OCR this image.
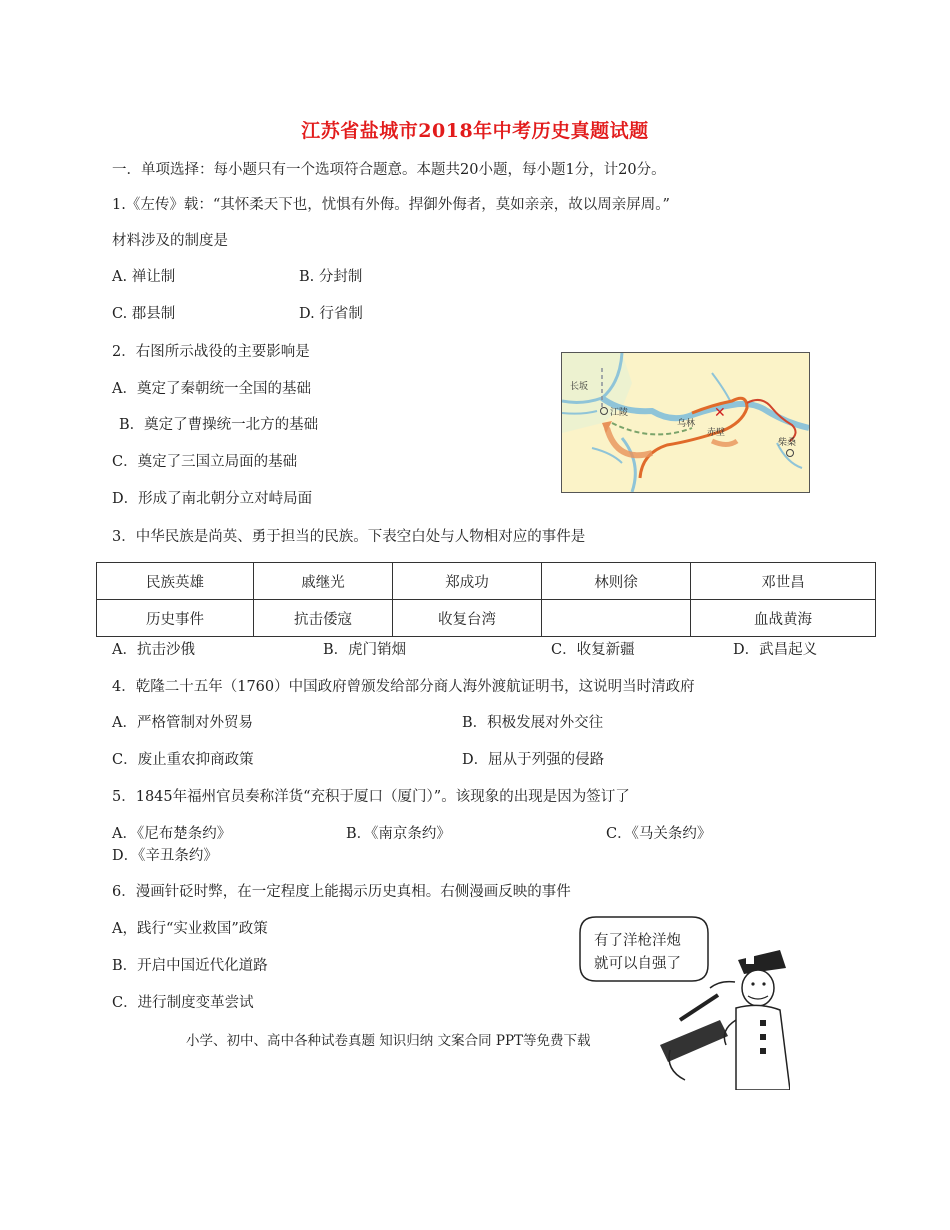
江苏省盐城市2018年中考历史真题试题
一．单项选择：每小题只有一个选项符合题意。本题共20小题，每小题1分，计20分。
1.《左传》载：“其怀柔天下也，忧惧有外侮。捍御外侮者，莫如亲亲，故以周亲屏周。”
材料涉及的制度是
A. 禅让制	B. 分封制
C. 郡县制	D. 行省制
2．右图所示战役的主要影响是
A．奠定了秦朝统一全国的基础
B．奠定了曹操统一北方的基础
C．奠定了三国立局面的基础
D．形成了南北朝分立对峙局面
✕
长坂
江陵
乌林
赤壁
柴桑
3．中华民族是尚英、勇于担当的民族。下表空白处与人物相对应的事件是
民族英雄	戚继光	郑成功	林则徐	邓世昌
历史事件	抗击倭寇	收复台湾		血战黄海
A．抗击沙俄	B．虎门销烟	C．收复新疆	D．武昌起义
4．乾隆二十五年（1760）中国政府曾颁发给部分商人海外渡航证明书，这说明当时清政府
A．严格管制对外贸易	B．积极发展对外交往
C．废止重农抑商政策	D．屈从于列强的侵路
5．1845年福州官员奏称洋货“充积于厦口（厦门）”。该现象的出现是因为签订了
A．《尼布楚条约》	B．《南京条约》	C．《马关条约》
D．《辛丑条约》
6．漫画针砭时弊，在一定程度上能揭示历史真相。右侧漫画反映的事件
A，践行“实业救国”政策
B．开启中国近代化道路
C．进行制度变革尝试
有了洋枪洋炮
就可以自强了
小学、初中、高中各种试卷真题 知识归纳 文案合同 PPT等免费下载
